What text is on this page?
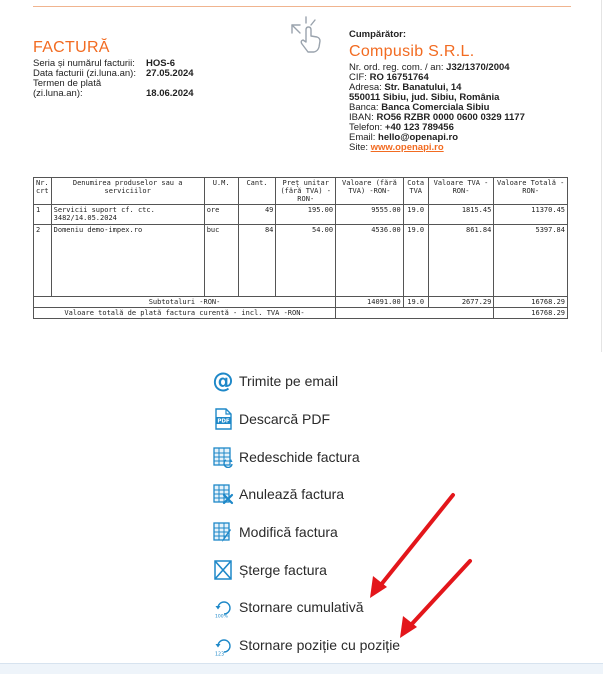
FACTURĂ
Seria și numărul facturii: HOS-6
Data facturii (zi.luna.an): 27.05.2024
Termen de plată (zi.luna.an):	18.06.2024
Cumpărător:
Compusib S.R.L.
Nr. ord. reg. com. / an: J32/1370/2004
CIF: RO 16751764
Adresa: Str. Banatului, 14
550011 Sibiu, jud. Sibiu, România
Banca: Banca Comerciala Sibiu
IBAN: RO56 RZBR 0000 0600 0329 1177
Telefon: +40 123 789456
Email: hello@openapi.ro
Site: www.openapi.ro
Nr. crt	Denumirea produselor sau a serviciilor	U.M.	Cant.	Preț unitar (fără TVA) -RON-	Valoare (fără TVA) -RON-	Cota TVA	Valoare TVA -RON-	Valoare Totală -RON-
1	Servicii suport cf. ctc. 3482/14.05.2024	ore	49	195.00	9555.00	19.0	1815.45	11370.45
2	Domeniu demo-impex.ro	buc	84	54.00	4536.00	19.0	861.84	5397.84
Subtotaluri -RON-					14091.00	19.0	2677.29	16768.29
Valoare totală de plată factura curentă - incl. TVA -RON-								16768.29
@ Trimite pe email
PDF Descarcă PDF
Redeschide factura
Anulează factura
Modifică factura
Șterge factura
100%
Stornare cumulativă
123
Stornare poziție cu poziție
